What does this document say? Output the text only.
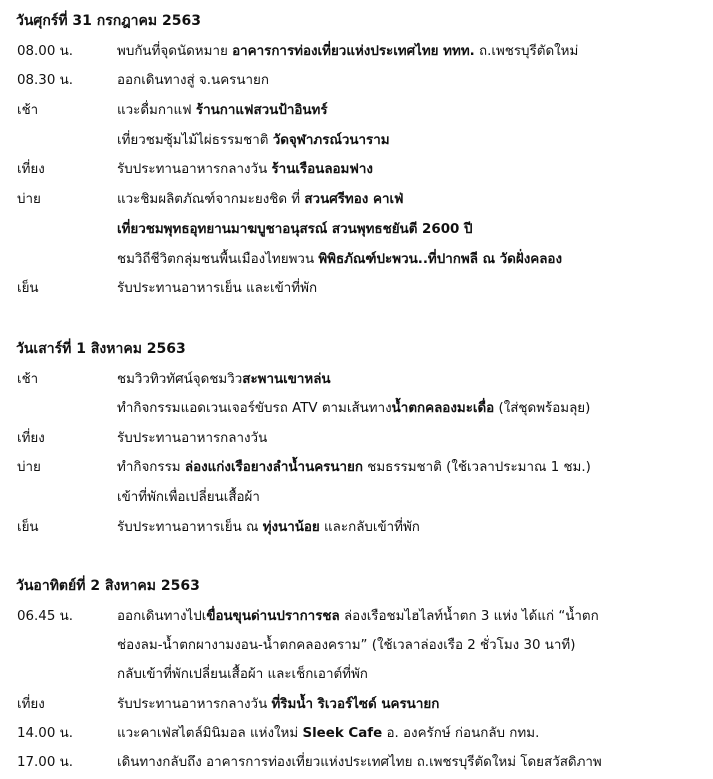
วันศุกร์ที่ 31 กรกฎาคม 2563
08.00 น.	พบกันที่จุดนัดหมาย อาคารการท่องเที่ยวแห่งประเทศไทย ททท. ถ.เพชรบุรีตัดใหม่
08.30 น.	ออกเดินทางสู่ จ.นครนายก
เช้า	แวะดื่มกาแฟ ร้านกาแฟสวนป้าอินทร์
เที่ยวชมซุ้มไม้ไผ่ธรรมชาติ วัดจุฬาภรณ์วนาราม
เที่ยง	รับประทานอาหารกลางวัน ร้านเรือนลอมฟาง
บ่าย	แวะชิมผลิตภัณฑ์จากมะยงชิด ที่ สวนศรีทอง คาเฟ่
เที่ยวชมพุทธอุทยานมาฆบูชาอนุสรณ์ สวนพุทธชยันตี 2600 ปี
ชมวิถีชีวิตกลุ่มชนพื้นเมืองไทยพวน พิพิธภัณฑ์ปะพวน..ที่ปากพลี ณ วัดฝั่งคลอง
เย็น	รับประทานอาหารเย็น และเข้าที่พัก
วันเสาร์ที่ 1 สิงหาคม 2563
เช้า	ชมวิวทิวทัศน์จุดชมวิวสะพานเขาหล่น
ทำกิจกรรมแอดเวนเจอร์ขับรถ ATV ตามเส้นทางน้ำตกคลองมะเดื่อ (ใส่ชุดพร้อมลุย)
เที่ยง	รับประทานอาหารกลางวัน
บ่าย	ทำกิจกรรม ล่องแก่งเรือยางลำน้ำนครนายก ชมธรรมชาติ (ใช้เวลาประมาณ 1 ชม.)
เข้าที่พักเพื่อเปลี่ยนเสื้อผ้า
เย็น	รับประทานอาหารเย็น ณ ทุ่งนาน้อย และกลับเข้าที่พัก
วันอาทิตย์ที่ 2 สิงหาคม 2563
06.45 น.	ออกเดินทางไปเขื่อนขุนด่านปราการชล ล่องเรือชมไฮไลท์น้ำตก 3 แห่ง ได้แก่ “น้ำตก
ช่องลม-น้ำตกผางามงอน-น้ำตกคลองคราม” (ใช้เวลาล่องเรือ 2 ชั่วโมง 30 นาที)
กลับเข้าที่พักเปลี่ยนเสื้อผ้า และเช็กเอาต์ที่พัก
เที่ยง	รับประทานอาหารกลางวัน ที่ริมน้ำ ริเวอร์ไซด์ นครนายก
14.00 น.	แวะคาเฟ่สไตล์มินิมอล แห่งใหม่ Sleek Cafe อ. องครักษ์ ก่อนกลับ กทม.
17.00 น.	เดินทางกลับถึง อาคารการท่องเที่ยวแห่งประเทศไทย ถ.เพชรบุรีตัดใหม่ โดยสวัสดิภาพ
